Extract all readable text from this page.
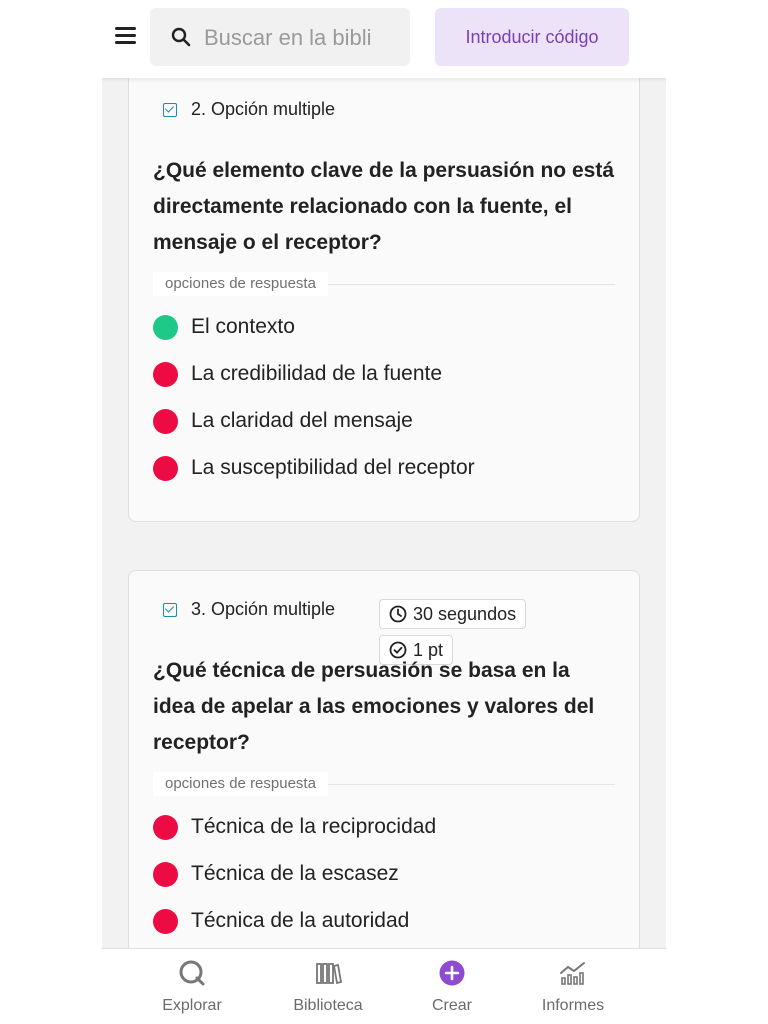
Buscar en la bibli
Introducir código
2. Opción multiple

¿Qué elemento clave de la persuasión no está directamente relacionado con la fuente, el mensaje o el receptor?

opciones de respuesta
El contexto
La credibilidad de la fuente
La claridad del mensaje
La susceptibilidad del receptor
3. Opción multiple	30 segundos
1 pt

¿Qué técnica de persuasión se basa en la idea de apelar a las emociones y valores del receptor?

opciones de respuesta
Técnica de la reciprocidad
Técnica de la escasez
Técnica de la autoridad
Explorar	Biblioteca	Crear	Informes
